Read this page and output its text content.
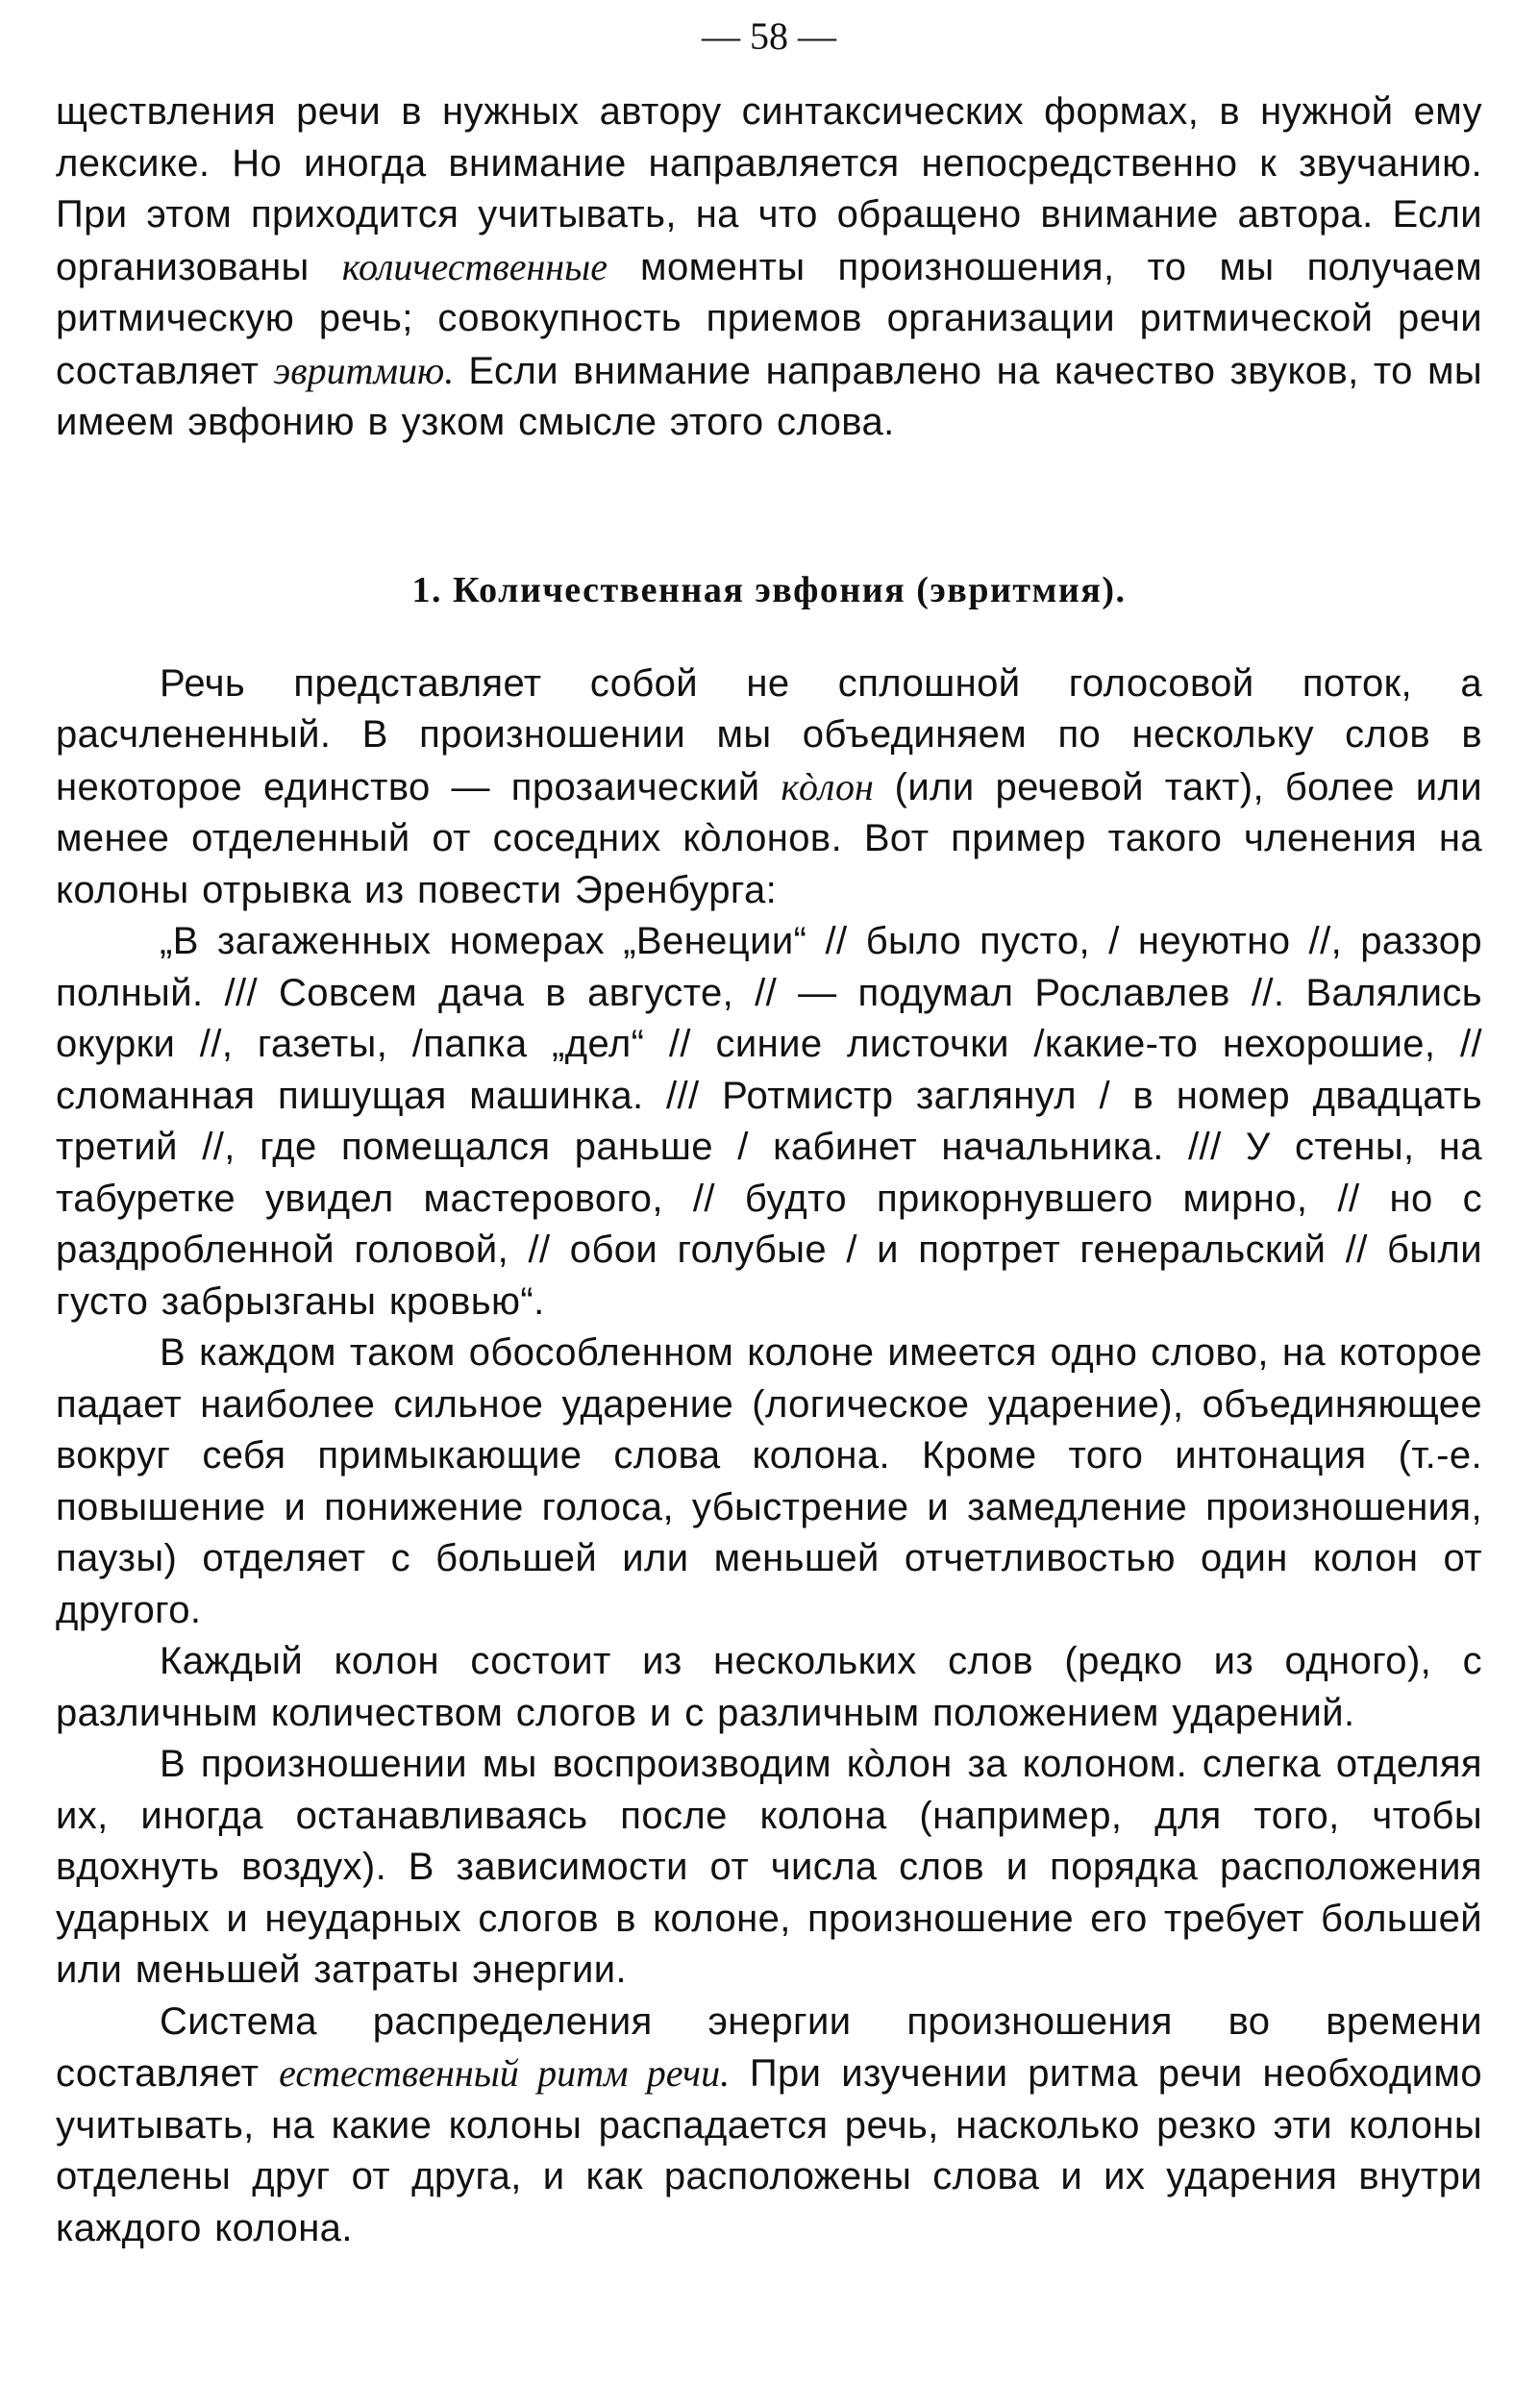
— 58 —

ществления речи в нужных автору синтаксических формах, в нужной ему лексике. Но иногда внимание направляется непосредственно к звучанию. При этом приходится учитывать, на что обращено внимание автора. Если организованы количественные моменты произношения, то мы получаем ритмическую речь; совокупность приемов организации ритмической речи составляет эвритмию. Если внимание направлено на качество звуков, то мы имеем эвфонию в узком смысле этого слова.

1. Количественная эвфония (эвритмия).

Речь представляет собой не сплошной голосовой поток, а расчлененный. В произношении мы объединяем по нескольку слов в некоторое единство — прозаический кòлон (или речевой такт), более или менее отделенный от соседних кòлонов. Вот пример такого членения на колоны отрывка из повести Эренбурга:

„В загаженных номерах „Венеции“ // было пусто, / неуютно //, раззор полный. /// Совсем дача в августе, // — подумал Рославлев //. Валялись окурки //, газеты, /папка „дел“ // синие листочки /какие-то нехорошие, // сломанная пишущая машинка. /// Ротмистр заглянул / в номер двадцать третий //, где помещался раньше / кабинет начальника. /// У стены, на табуретке увидел мастерового, // будто прикорнувшего мирно, // но с раздробленной головой, // обои голубые / и портрет генеральский // были густо забрызганы кровью“.

В каждом таком обособленном колоне имеется одно слово, на которое падает наиболее сильное ударение (логическое ударение), объединяющее вокруг себя примыкающие слова колона. Кроме того интонация (т.-е. повышение и понижение голоса, убыстрение и замедление произношения, паузы) отделяет с большей или меньшей отчетливостью один колон от другого.

Каждый колон состоит из нескольких слов (редко из одного), с различным количеством слогов и с различным положением ударений.

В произношении мы воспроизводим кòлон за колоном. слегка отделяя их, иногда останавливаясь после колона (например, для того, чтобы вдохнуть воздух). В зависимости от числа слов и порядка расположения ударных и неударных слогов в колоне, произношение его требует большей или меньшей затраты энергии.

Система распределения энергии произношения во времени составляет естественный ритм речи. При изучении ритма речи необходимо учитывать, на какие колоны распадается речь, насколько резко эти колоны отделены друг от друга, и как расположены слова и их ударения внутри каждого колона.
